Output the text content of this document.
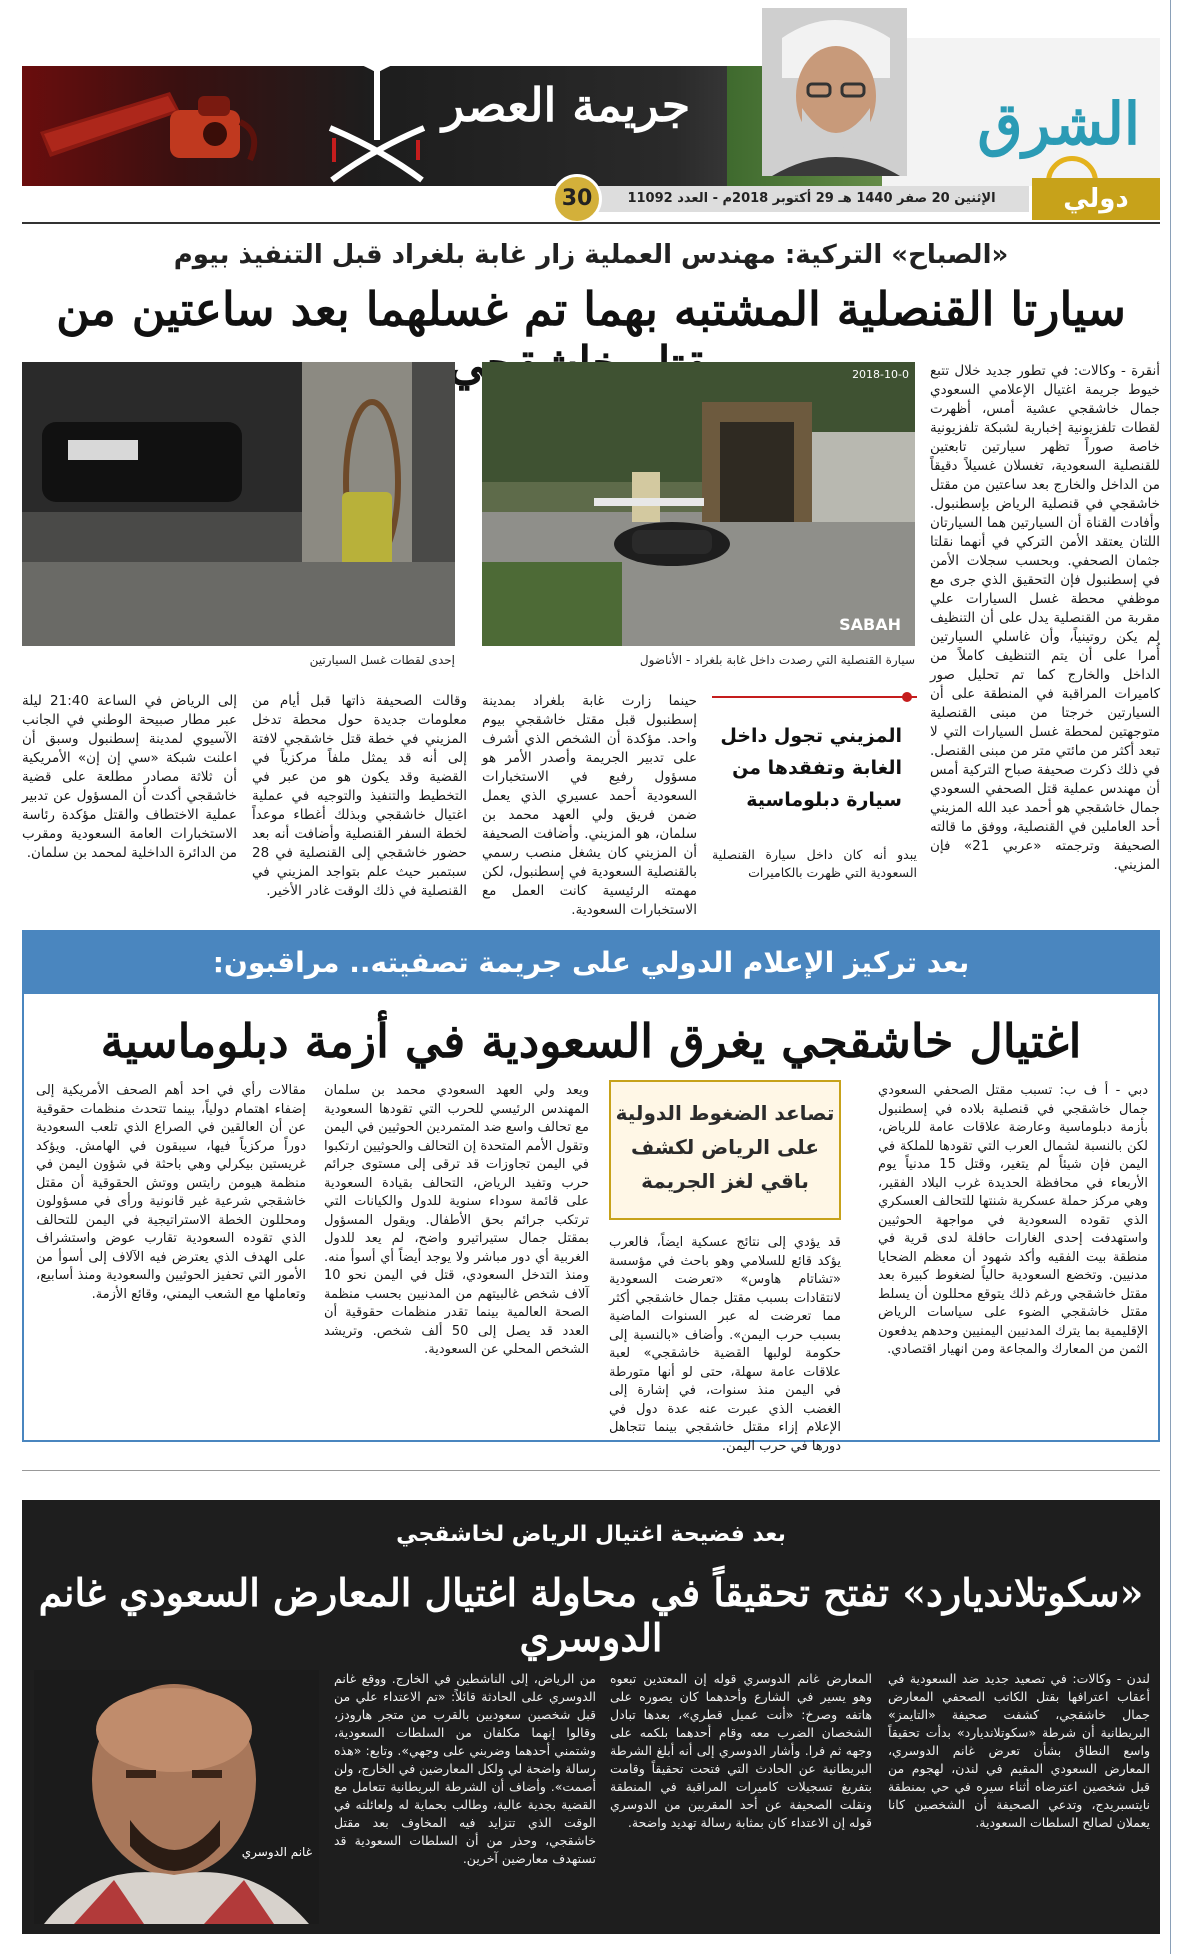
الشرق
جريمة العصر
الإثنين 20 صفر 1440 هـ 29 أكتوبر 2018م - العدد 11092	دولي
30
«الصباح» التركية: مهندس العملية زار غابة بلغراد قبل التنفيذ بيوم
سيارتا القنصلية المشتبه بهما تم غسلهما بعد ساعتين من
2018-10-0
SABAH
سيارة القنصلية التي رصدت داخل غابة بلغراد - الأناضول
إحدى لقطات غسل السيارتين
أنقرة - وكالات: في تطور جديد خلال تتبع خيوط جريمة اغتيال الإعلامي السعودي جمال خاشقجي عشية أمس، أظهرت لقطات تلفزيونية إخبارية لشبكة تلفزيونية خاصة صوراً تظهر سيارتين تابعتين للقنصلية السعودية، تغسلان غسيلاً دقيقاً من الداخل والخارج بعد ساعتين من مقتل خاشقجي في قنصلية الرياض بإسطنبول. وأفادت القناة أن السيارتين هما السيارتان اللتان يعتقد الأمن التركي في أنهما نقلتا جثمان الصحفي. وبحسب سجلات الأمن في إسطنبول فإن التحقيق الذي جرى مع موظفي محطة غسل السيارات علي مقربة من القنصلية يدل على أن التنظيف لم يكن روتينياً، وأن غاسلي السيارتين أُمرا على أن يتم التنظيف كاملاً من الداخل والخارج كما تم تحليل صور كاميرات المراقبة في المنطقة على أن السيارتين خرجتا من مبنى القنصلية متوجهتين لمحطة غسل السيارات التي لا تبعد أكثر من مائتي متر من مبنى القنصل. في ذلك ذكرت صحيفة صباح التركية أمس أن مهندس عملية قتل الصحفي السعودي جمال خاشقجي هو أحمد عبد الله المزيني أحد العاملين في القنصلية، ووفق ما قالته الصحيفة وترجمته «عربي 21» فإن المزيني.
المزيني تجول داخل الغابة وتفقدها من سيارة دبلوماسية
يبدو أنه كان داخل سيارة القنصلية السعودية التي ظهرت بالكاميرات
حينما زارت غابة بلغراد بمدينة إسطنبول قبل مقتل خاشقجي بيوم واحد. مؤكدة أن الشخص الذي أشرف على تدبير الجريمة وأصدر الأمر هو مسؤول رفيع في الاستخبارات السعودية أحمد عسيري الذي يعمل ضمن فريق ولي العهد محمد بن سلمان، هو المزيني. وأضافت الصحيفة أن المزيني كان يشغل منصب رسمي بالقنصلية السعودية في إسطنبول، لكن مهمته الرئيسية كانت العمل مع الاستخبارات السعودية.
وقالت الصحيفة ذاتها قبل أيام من معلومات جديدة حول محطة تدخل المزيني في خطة قتل خاشقجي لافتة إلى أنه قد يمثل ملفاً مركزياً في القضية وقد يكون هو من عبر في التخطيط والتنفيذ والتوجيه في عملية اغتيال خاشقجي وبذلك أغطاء موعداً لخطة السفر القنصلية وأضافت أنه بعد حضور خاشقجي إلى القنصلية في 28 سبتمبر حيث علم بتواجد المزيني في القنصلية في ذلك الوقت غادر الأخير.
إلى الرياض في الساعة 21:40 ليلة عبر مطار صبيحة الوطني في الجانب الآسيوي لمدينة إسطنبول وسبق أن اعلنت شبكة «سي إن إن» الأمريكية أن ثلاثة مصادر مطلعة على قضية خاشقجي أكدت أن المسؤول عن تدبير عملية الاختطاف والقتل مؤكدة رئاسة الاستخبارات العامة السعودية ومقرب من الدائرة الداخلية لمحمد بن سلمان.
بعد تركيز الإعلام الدولي على جريمة تصفيته.. مراقبون:
اغتيال خاشقجي يغرق السعودية في أزمة دبلوماسية
تصاعد الضغوط الدولية على الرياض لكشف باقي لغز الجريمة
دبي - أ ف ب: تسبب مقتل الصحفي السعودي جمال خاشقجي في قنصلية بلاده في إسطنبول بأزمة دبلوماسية وعارضة علاقات عامة للرياض، لكن بالنسبة لشمال العرب التي تقودها للملكة في اليمن فإن شيئاً لم يتغير، وقتل 15 مدنياً يوم الأربعاء في محافظة الحديدة غرب البلاد الفقير، وهي مركز حملة عسكرية شنتها للتحالف العسكري الذي تقوده السعودية في مواجهة الحوثيين واستهدفت إحدى الغارات حافلة لدى قرية في منطقة بيت الفقيه وأكد شهود أن معظم الضحايا مدنيين. وتخضع السعودية حالياً لضغوط كبيرة بعد مقتل خاشقجي ورغم ذلك يتوقع محللون أن يسلط مقتل خاشقجي الضوء على سياسات الرياض الإقليمية بما يترك المدنيين اليمنيين وحدهم يدفعون الثمن من المعارك والمجاعة ومن انهيار اقتصادي.
قد يؤدي إلى نتائج عسكية ايضاً، فالعرب يؤكد قائع للسلامي وهو باحث في مؤسسة «تشاتام هاوس» «تعرضت السعودية لانتقادات بسبب مقتل جمال خاشقجي أكثر مما تعرضت له عبر السنوات الماضية بسبب حرب اليمن». وأضاف «بالنسبة إلى حكومة لولبها القضية خاشقجي» لعبة علاقات عامة سهلة، حتى لو أنها متورطة في اليمن منذ سنوات، في إشارة إلى الغضب الذي عبرت عنه عدة دول في الإعلام إزاء مقتل خاشقجي بينما تتجاهل دورها في حرب اليمن.
ويعد ولي العهد السعودي محمد بن سلمان المهندس الرئيسي للحرب التي تقودها السعودية مع تحالف واسع ضد المتمردين الحوثيين في اليمن وتقول الأمم المتحدة إن التحالف والحوثيين ارتكبوا في اليمن تجاوزات قد ترقى إلى مستوى جرائم حرب وتفيد الرياض، التحالف بقيادة السعودية على قائمة سوداء سنوية للدول والكيانات التي ترتكب جرائم بحق الأطفال. ويقول المسؤول بمقتل جمال ستيراتيرو واضح، لم يعد للدول الغربية أي دور مباشر ولا يوجد أيضاً أي أسوأ منه. ومنذ التدخل السعودي، قتل في اليمن نحو 10 آلاف شخص غالبيتهم من المدنيين بحسب منظمة الصحة العالمية بينما تقدر منظمات حقوقية أن العدد قد يصل إلى 50 ألف شخص. وتريشد الشخص المحلي عن السعودية.
مقالات رأي في احد أهم الصحف الأمريكية إلى إضفاء اهتمام دولياً، بينما تتحدث منظمات حقوقية عن أن العالقين في الصراع الذي تلعب السعودية دوراً مركزياً فيها، سيبقون في الهامش. ويؤكد غريستين بيكرلي وهي باحثة في شؤون اليمن في منظمة هيومن رايتس ووتش الحقوقية أن مقتل خاشقجي شرعية غير قانونية ورأى في مسؤولون ومحللون الخطة الاستراتيجية في اليمن للتحالف الذي تقوده السعودية تقارب عوض واستشراف على الهدف الذي يعترض فيه الآلاف إلى أسوأ من الأمور التي تحفيز الحوثيين والسعودية ومنذ أسابيع، وتعاملها مع الشعب اليمني، وقائع الأزمة.
بعد فضيحة اغتيال الرياض لخاشقجي
«سكوتلانديارد» تفتح تحقيقاً في محاولة اغتيال المعارض السعودي غانم الدوسري
غانم الدوسري
لندن - وكالات: في تصعيد جديد ضد السعودية في أعقاب اعترافها بقتل الكاتب الصحفي المعارض جمال خاشقجي، كشفت صحيفة «التايمز» البريطانية أن شرطة «سكوتلانديارد» بدأت تحقيقاً واسع النطاق بشأن تعرض غانم الدوسري، المعارض السعودي المقيم في لندن، لهجوم من قبل شخصين اعترضاه أثناء سيره في حي بمنطقة نايتسبريدج، وتدعي الصحيفة أن الشخصين كانا يعملان لصالح السلطات السعودية.
المعارض غانم الدوسري قوله إن المعتدين تبعوه وهو يسير في الشارع وأحدهما كان يصوره على هاتفه وصرخ: «أنت عميل قطري»، بعدها تبادل الشخصان الضرب معه وقام أحدهما بلكمه على وجهه ثم فرا. وأشار الدوسري إلى أنه أبلغ الشرطة البريطانية عن الحادث التي فتحت تحقيقاً وقامت بتفريغ تسجيلات كاميرات المراقبة في المنطقة ونقلت الصحيفة عن أحد المقربين من الدوسري قوله إن الاعتداء كان بمثابة رسالة تهديد واضحة.
من الرياض، إلى الناشطين في الخارج. ووقع غانم الدوسري على الحادثة قائلاً: «تم الاعتداء علي من قبل شخصين سعوديين بالقرب من متجر هارودز، وقالوا إنهما مكلفان من السلطات السعودية، وشتمني أحدهما وضربني على وجهي». وتابع: «هذه رسالة واضحة لي ولكل المعارضين في الخارج، ولن أصمت». وأضاف أن الشرطة البريطانية تتعامل مع القضية بجدية عالية، وطالب بحماية له ولعائلته في الوقت الذي تتزايد فيه المخاوف بعد مقتل خاشقجي، وحذر من أن السلطات السعودية قد تستهدف معارضين آخرين.
